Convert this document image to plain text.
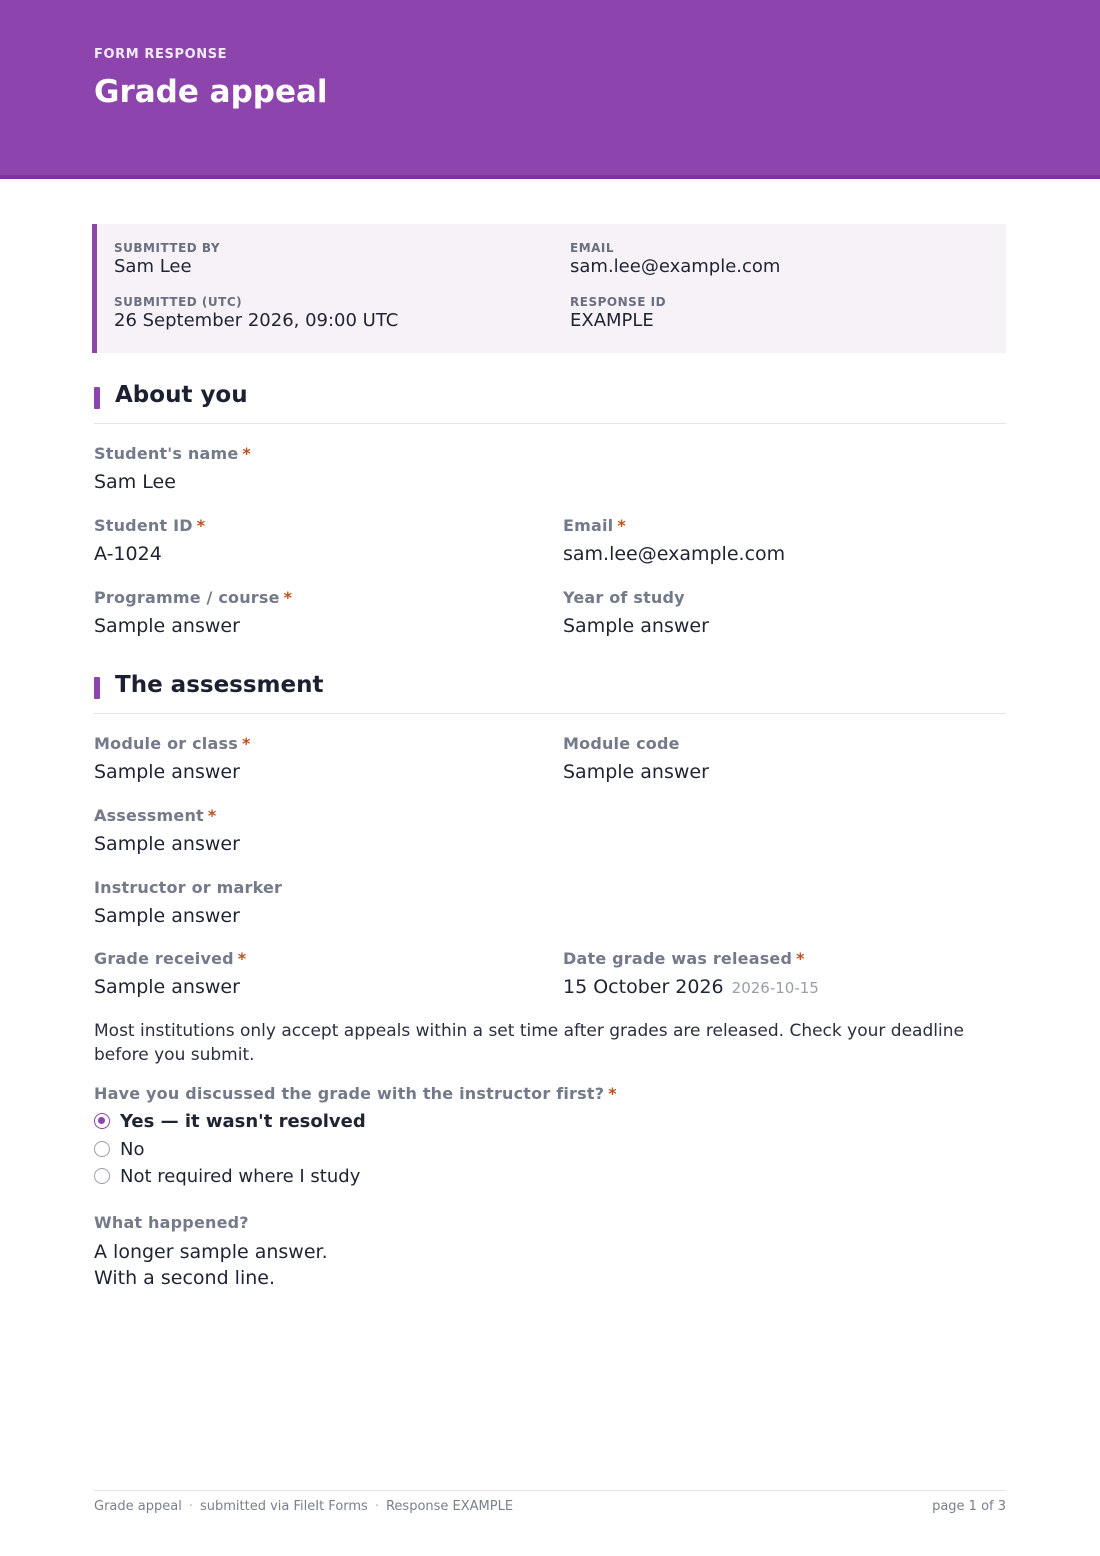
FORM RESPONSE
Grade appeal
SUBMITTED BY
Sam Lee
EMAIL
sam.lee@example.com
SUBMITTED (UTC)
26 September 2026, 09:00 UTC
RESPONSE ID
EXAMPLE
About you
Student's name *
Sam Lee
Student ID *
A-1024
Email *
sam.lee@example.com
Programme / course *
Sample answer
Year of study
Sample answer
The assessment
Module or class *
Sample answer
Module code
Sample answer
Assessment *
Sample answer
Instructor or marker
Sample answer
Grade received *
Sample answer
Date grade was released *
15 October 2026 2026-10-15
Most institutions only accept appeals within a set time after grades are released. Check your deadline before you submit.
Have you discussed the grade with the instructor first? *
Yes — it wasn't resolved
No
Not required where I study
What happened?
A longer sample answer.
With a second line.
Grade appeal · submitted via FileIt Forms · Response EXAMPLE	page 1 of 3
